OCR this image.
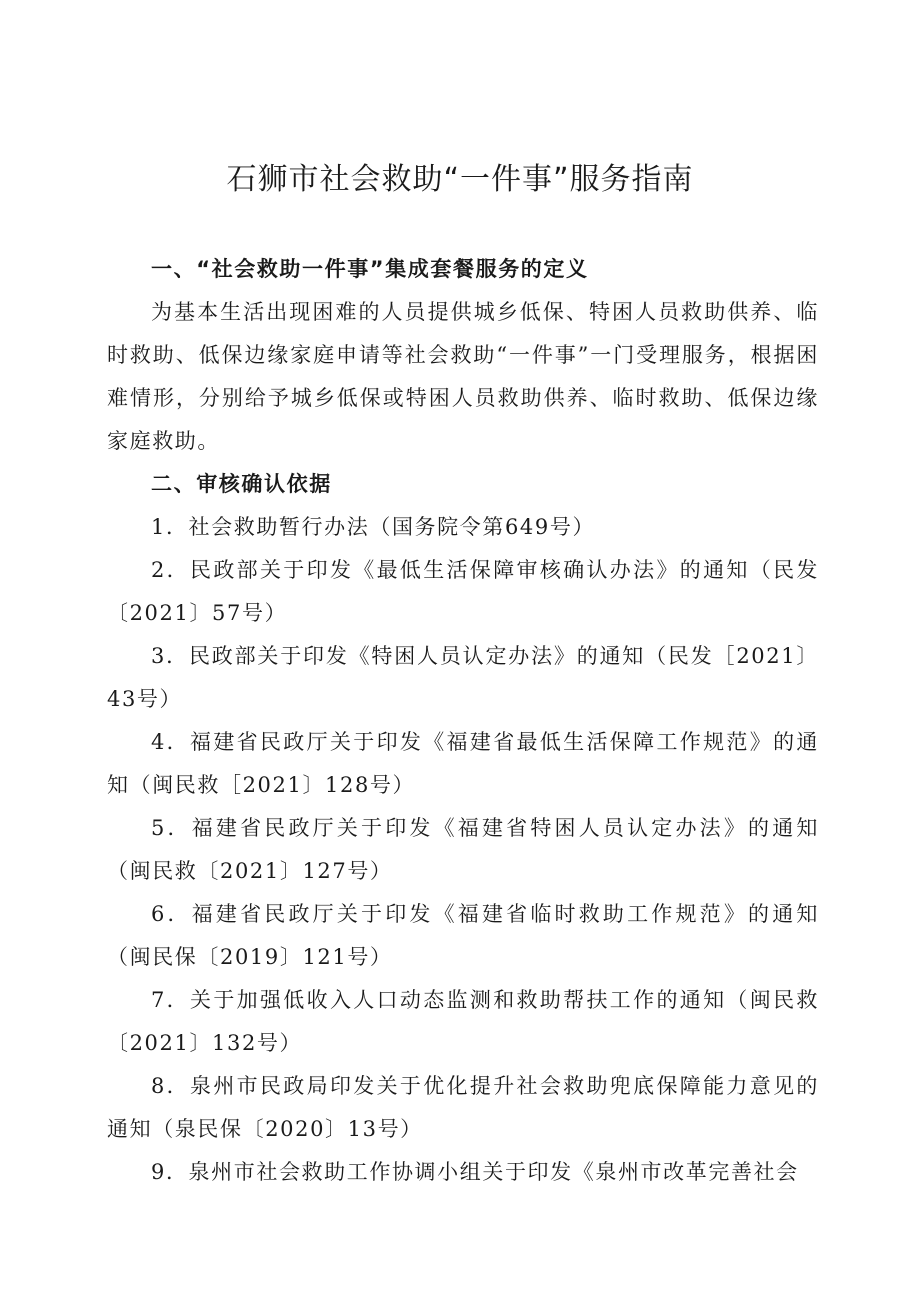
石狮市社会救助“一件事”服务指南

一、“社会救助一件事”集成套餐服务的定义

为基本生活出现困难的人员提供城乡低保、特困人员救助供养、临时救助、低保边缘家庭申请等社会救助“一件事”一门受理服务，根据困难情形，分别给予城乡低保或特困人员救助供养、临时救助、低保边缘家庭救助。

二、审核确认依据

1．社会救助暂行办法（国务院令第649号）

2．民政部关于印发《最低生活保障审核确认办法》的通知（民发〔2021〕57号）

3．民政部关于印发《特困人员认定办法》的通知（民发［2021〕43号）

4．福建省民政厅关于印发《福建省最低生活保障工作规范》的通知（闽民救［2021〕128号）

5．福建省民政厅关于印发《福建省特困人员认定办法》的通知（闽民救〔2021〕127号）

6．福建省民政厅关于印发《福建省临时救助工作规范》的通知（闽民保〔2019〕121号）

7．关于加强低收入人口动态监测和救助帮扶工作的通知（闽民救〔2021〕132号）

8．泉州市民政局印发关于优化提升社会救助兜底保障能力意见的通知（泉民保〔2020〕13号）

9．泉州市社会救助工作协调小组关于印发《泉州市改革完善社会
